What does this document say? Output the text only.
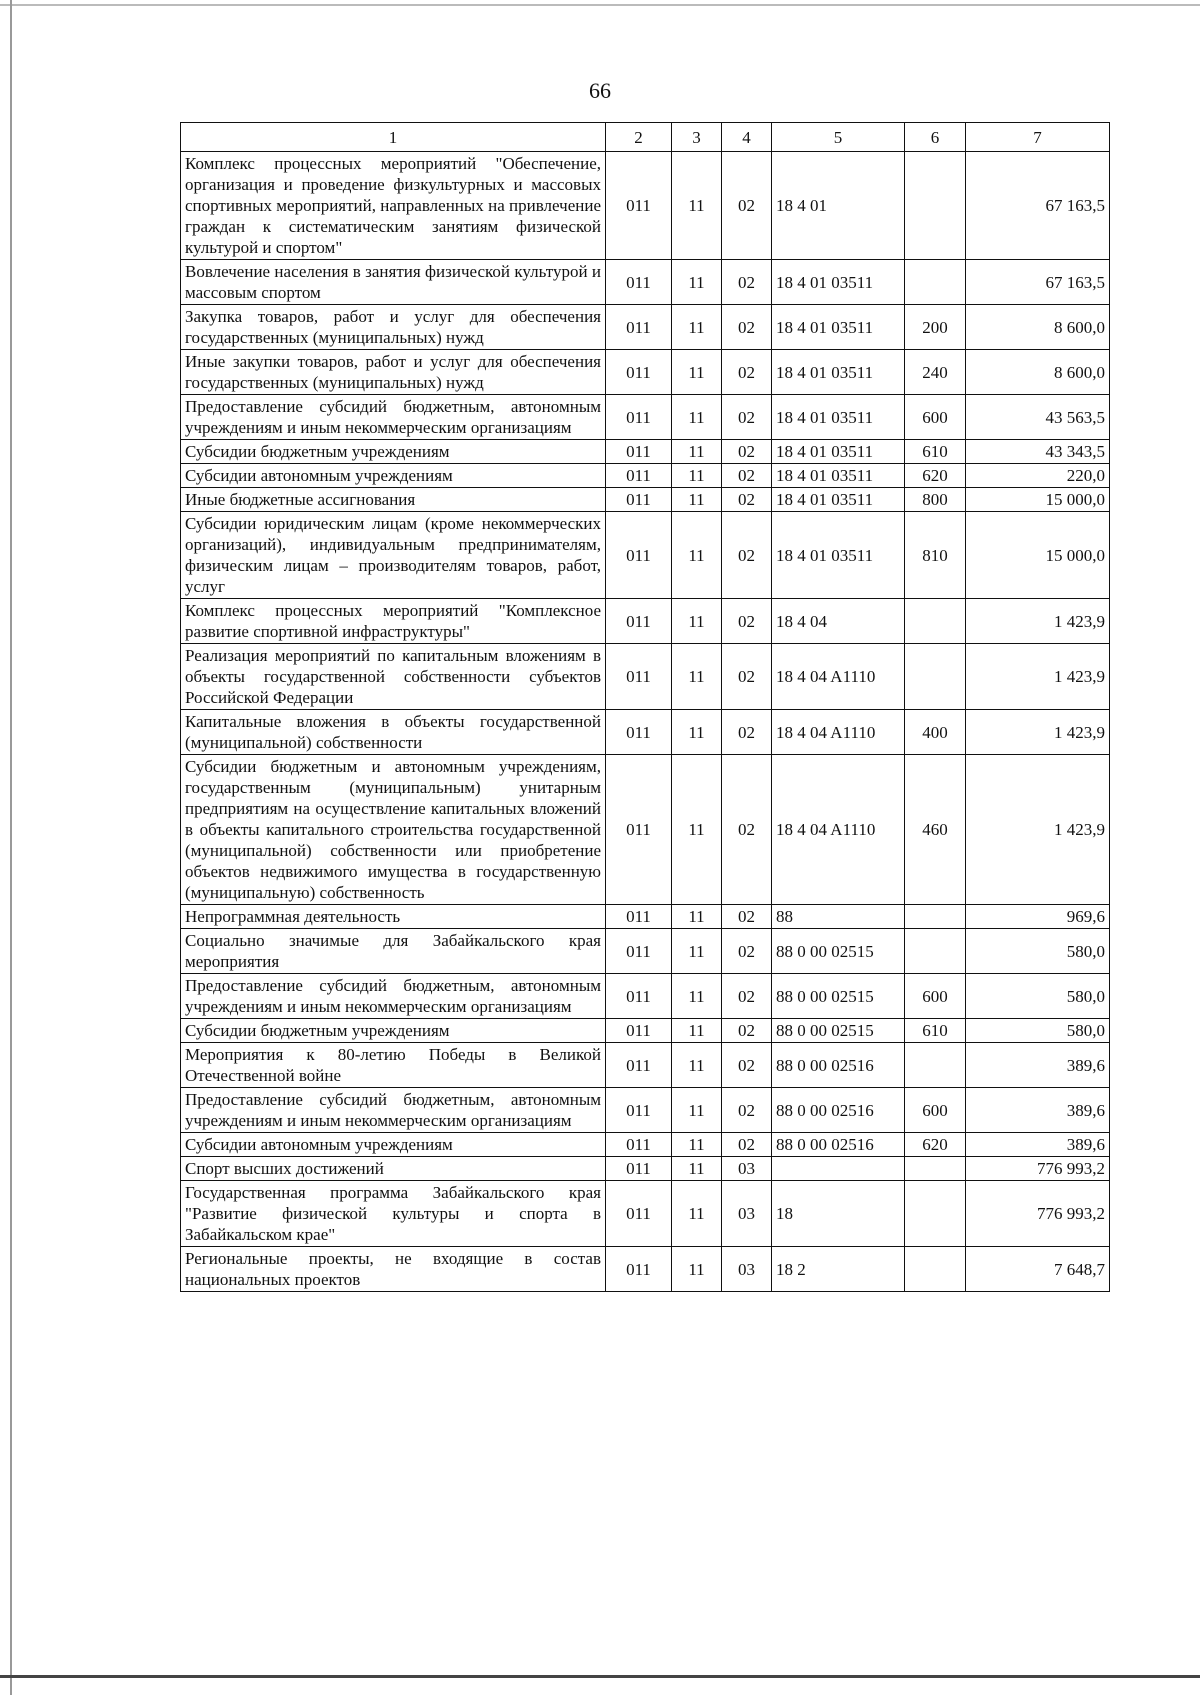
66
1	2	3	4	5	6	7
Комплекс процессных мероприятий "Обеспечение, организация и проведение физкультурных и массовых спортивных мероприятий, направленных на привлечение граждан к систематическим занятиям физической культурой и спортом"	011	11	02	18 4 01		67 163,5
Вовлечение населения в занятия физической культурой и массовым спортом	011	11	02	18 4 01 03511		67 163,5
Закупка товаров, работ и услуг для обеспечения государственных (муниципальных) нужд	011	11	02	18 4 01 03511	200	8 600,0
Иные закупки товаров, работ и услуг для обеспечения государственных (муниципальных) нужд	011	11	02	18 4 01 03511	240	8 600,0
Предоставление субсидий бюджетным, автономным учреждениям и иным некоммерческим организациям	011	11	02	18 4 01 03511	600	43 563,5
Субсидии бюджетным учреждениям	011	11	02	18 4 01 03511	610	43 343,5
Субсидии автономным учреждениям	011	11	02	18 4 01 03511	620	220,0
Иные бюджетные ассигнования	011	11	02	18 4 01 03511	800	15 000,0
Субсидии юридическим лицам (кроме некоммерческих организаций), индивидуальным предпринимателям, физическим лицам – производителям товаров, работ, услуг	011	11	02	18 4 01 03511	810	15 000,0
Комплекс процессных мероприятий "Комплексное развитие спортивной инфраструктуры"	011	11	02	18 4 04		1 423,9
Реализация мероприятий по капитальным вложениям в объекты государственной собственности субъектов Российской Федерации	011	11	02	18 4 04 A1110		1 423,9
Капитальные вложения в объекты государственной (муниципальной) собственности	011	11	02	18 4 04 A1110	400	1 423,9
Субсидии бюджетным и автономным учреждениям, государственным (муниципальным) унитарным предприятиям на осуществление капитальных вложений в объекты капитального строительства государственной (муниципальной) собственности или приобретение объектов недвижимого имущества в государственную (муниципальную) собственность	011	11	02	18 4 04 A1110	460	1 423,9
Непрограммная деятельность	011	11	02	88		969,6
Социально значимые для Забайкальского края мероприятия	011	11	02	88 0 00 02515		580,0
Предоставление субсидий бюджетным, автономным учреждениям и иным некоммерческим организациям	011	11	02	88 0 00 02515	600	580,0
Субсидии бюджетным учреждениям	011	11	02	88 0 00 02515	610	580,0
Мероприятия к 80-летию Победы в Великой Отечественной войне	011	11	02	88 0 00 02516		389,6
Предоставление субсидий бюджетным, автономным учреждениям и иным некоммерческим организациям	011	11	02	88 0 00 02516	600	389,6
Субсидии автономным учреждениям	011	11	02	88 0 00 02516	620	389,6
Спорт высших достижений	011	11	03			776 993,2
Государственная программа Забайкальского края "Развитие физической культуры и спорта в Забайкальском крае"	011	11	03	18		776 993,2
Региональные проекты, не входящие в состав национальных проектов	011	11	03	18 2		7 648,7
